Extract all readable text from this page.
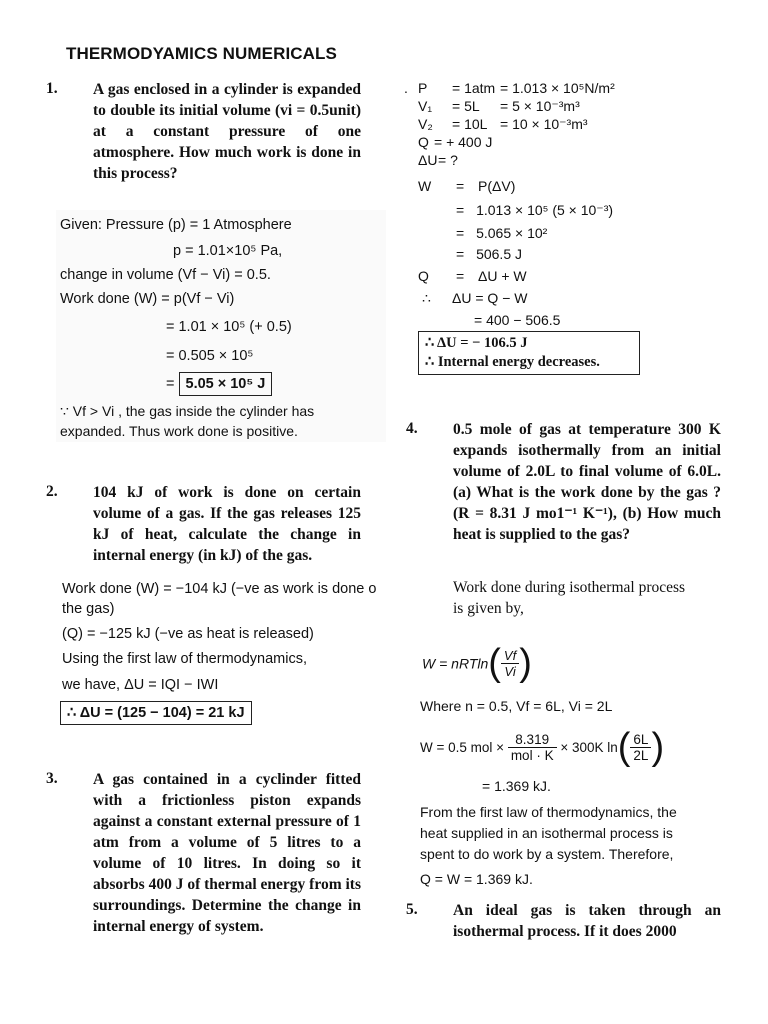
THERMODYAMICS NUMERICALS
1. A gas enclosed in a cylinder is expanded to double its initial volume (vi = 0.5unit) at a constant pressure of one atmosphere. How much work is done in this process?
Given: Pressure (p) = 1 Atmosphere
p = 1.01×10⁵ Pa,
change in volume (Vf − Vi) = 0.5.
Work done (W) = p(Vf − Vi)
= 1.01 × 10⁵ (+ 0.5)
= 0.505 × 10⁵
= 5.05 × 10⁵ J
∵ Vf > Vi , the gas inside the cylinder has
expanded. Thus work done is positive.
. P = 1atm = 1.013 × 10⁵N/m²
V₁ = 5L = 5 × 10⁻³m³
V₂ = 10L = 10 × 10⁻³m³
Q = + 400 J
ΔU = ?
W = P(ΔV)
= 1.013 × 10⁵ (5 × 10⁻³)
= 5.065 × 10²
= 506.5 J
Q = ΔU + W
∴ ΔU = Q − W
= 400 − 506.5
∴ ΔU = − 106.5 J
∴ Internal energy decreases.
2. 104 kJ of work is done on certain volume of a gas. If the gas releases 125 kJ of heat, calculate the change in internal energy (in kJ) of the gas.
Work done (W) = −104 kJ (−ve as work is done o
the gas)
(Q) = −125 kJ (−ve as heat is released)
Using the first law of thermodynamics,
we have, ΔU = IQI − IWI
∴ ΔU = (125 − 104) = 21 kJ
4. 0.5 mole of gas at temperature 300 K expands isothermally from an initial volume of 2.0L to final volume of 6.0L. (a) What is the work done by the gas ? (R = 8.31 J mo1⁻¹ K⁻¹), (b) How much heat is supplied to the gas?
Work done during isothermal process
is given by,
$W = nRTln( \frac{Vf}{Vi}$ )
Where n = 0.5, Vf = 6L, Vi = 2L
W = 0.5 mol × $\frac{8.319}{\text{mol · K}} \times 300K$ $\ln( \frac{6L}{2L}$ )
= 1.369 kJ.
From the first law of thermodynamics, the
heat supplied in an isothermal process is
spent to do work by a system. Therefore,
Q = W = 1.369 kJ.
3. A gas contained in a cyclinder fitted with a frictionless piston expands against a constant external pressure of 1 atm from a volume of 5 litres to a volume of 10 litres. In doing so it absorbs 400 J of thermal energy from its surroundings. Determine the change in internal energy of system.
5. An ideal gas is taken through an isothermal process. If it does 2000
